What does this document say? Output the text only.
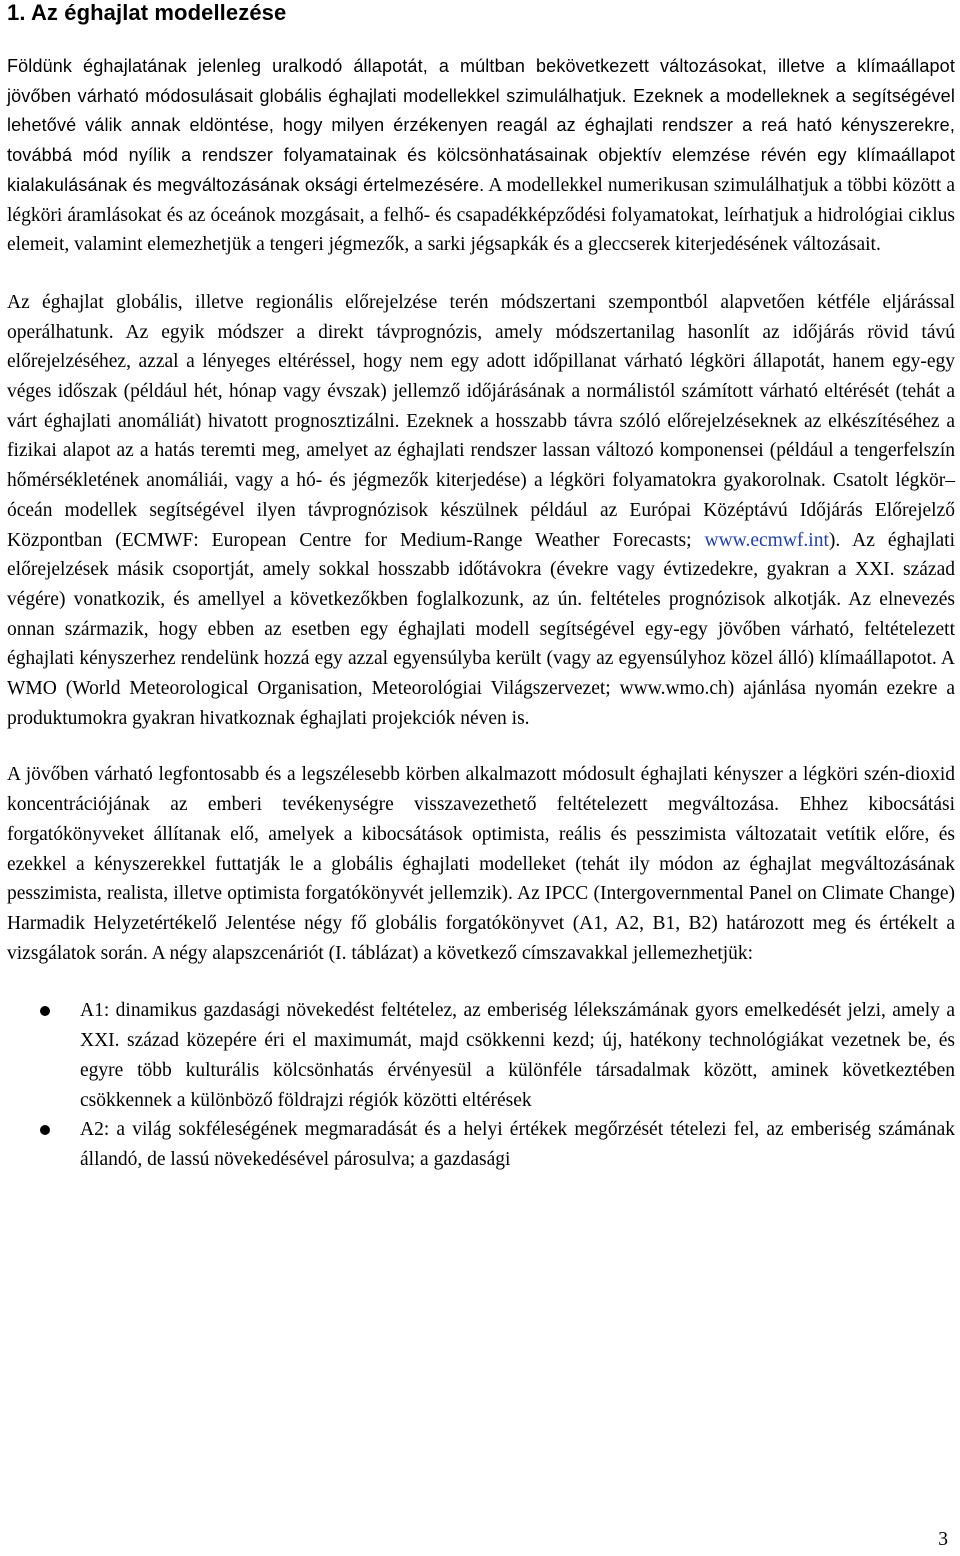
1. Az éghajlat modellezése

Földünk éghajlatának jelenleg uralkodó állapotát, a múltban bekövetkezett változásokat, illetve a klímaállapot jövőben várható módosulásait globális éghajlati modellekkel szimulálhatjuk. Ezeknek a modelleknek a segítségével lehetővé válik annak eldöntése, hogy milyen érzékenyen reagál az éghajlati rendszer a reá ható kényszerekre, továbbá mód nyílik a rendszer folyamatainak és kölcsönhatásainak objektív elemzése révén egy klímaállapot kialakulásának és megváltozásának oksági értelmezésére. A modellekkel numerikusan szimulálhatjuk a többi között a légköri áramlásokat és az óceánok mozgásait, a felhő- és csapadékképződési folyamatokat, leírhatjuk a hidrológiai ciklus elemeit, valamint elemezhetjük a tengeri jégmezők, a sarki jégsapkák és a gleccserek kiterjedésének változásait.

Az éghajlat globális, illetve regionális előrejelzése terén módszertani szempontból alapvetően kétféle eljárással operálhatunk. Az egyik módszer a direkt távprognózis, amely módszertanilag hasonlít az időjárás rövid távú előrejelzéséhez, azzal a lényeges eltéréssel, hogy nem egy adott időpillanat várható légköri állapotát, hanem egy-egy véges időszak (például hét, hónap vagy évszak) jellemző időjárásának a normálistól számított várható eltérését (tehát a várt éghajlati anomáliát) hivatott prognosztizálni. Ezeknek a hosszabb távra szóló előrejelzéseknek az elkészítéséhez a fizikai alapot az a hatás teremti meg, amelyet az éghajlati rendszer lassan változó komponensei (például a tengerfelszín hőmérsékletének anomáliái, vagy a hó- és jégmezők kiterjedése) a légköri folyamatokra gyakorolnak. Csatolt légkör–óceán modellek segítségével ilyen távprognózisok készülnek például az Európai Középtávú Időjárás Előrejelző Központban (ECMWF: European Centre for Medium-Range Weather Forecasts; www.ecmwf.int). Az éghajlati előrejelzések másik csoportját, amely sokkal hosszabb időtávokra (évekre vagy évtizedekre, gyakran a XXI. század végére) vonatkozik, és amellyel a következőkben foglalkozunk, az ún. feltételes prognózisok alkotják. Az elnevezés onnan származik, hogy ebben az esetben egy éghajlati modell segítségével egy-egy jövőben várható, feltételezett éghajlati kényszerhez rendelünk hozzá egy azzal egyensúlyba került (vagy az egyensúlyhoz közel álló) klímaállapotot. A WMO (World Meteorological Organisation, Meteorológiai Világszervezet; www.wmo.ch) ajánlása nyomán ezekre a produktumokra gyakran hivatkoznak éghajlati projekciók néven is.

A jövőben várható legfontosabb és a legszélesebb körben alkalmazott módosult éghajlati kényszer a légköri szén-dioxid koncentrációjának az emberi tevékenységre visszavezethető feltételezett megváltozása. Ehhez kibocsátási forgatókönyveket állítanak elő, amelyek a kibocsátások optimista, reális és pesszimista változatait vetítik előre, és ezekkel a kényszerekkel futtatják le a globális éghajlati modelleket (tehát ily módon az éghajlat megváltozásának pesszimista, realista, illetve optimista forgatókönyvét jellemzik). Az IPCC (Intergovernmental Panel on Climate Change) Harmadik Helyzetértékelő Jelentése négy fő globális forgatókönyvet (A1, A2, B1, B2) határozott meg és értékelt a vizsgálatok során. A négy alapszcenáriót (I. táblázat) a következő címszavakkal jellemezhetjük:

A1: dinamikus gazdasági növekedést feltételez, az emberiség lélekszámának gyors emelkedését jelzi, amely a XXI. század közepére éri el maximumát, majd csökkenni kezd; új, hatékony technológiákat vezetnek be, és egyre több kulturális kölcsönhatás érvényesül a különféle társadalmak között, aminek következtében csökkennek a különböző földrajzi régiók közötti eltérések
A2: a világ sokféleségének megmaradását és a helyi értékek megőrzését tételezi fel, az emberiség számának állandó, de lassú növekedésével párosulva; a gazdasági
3
